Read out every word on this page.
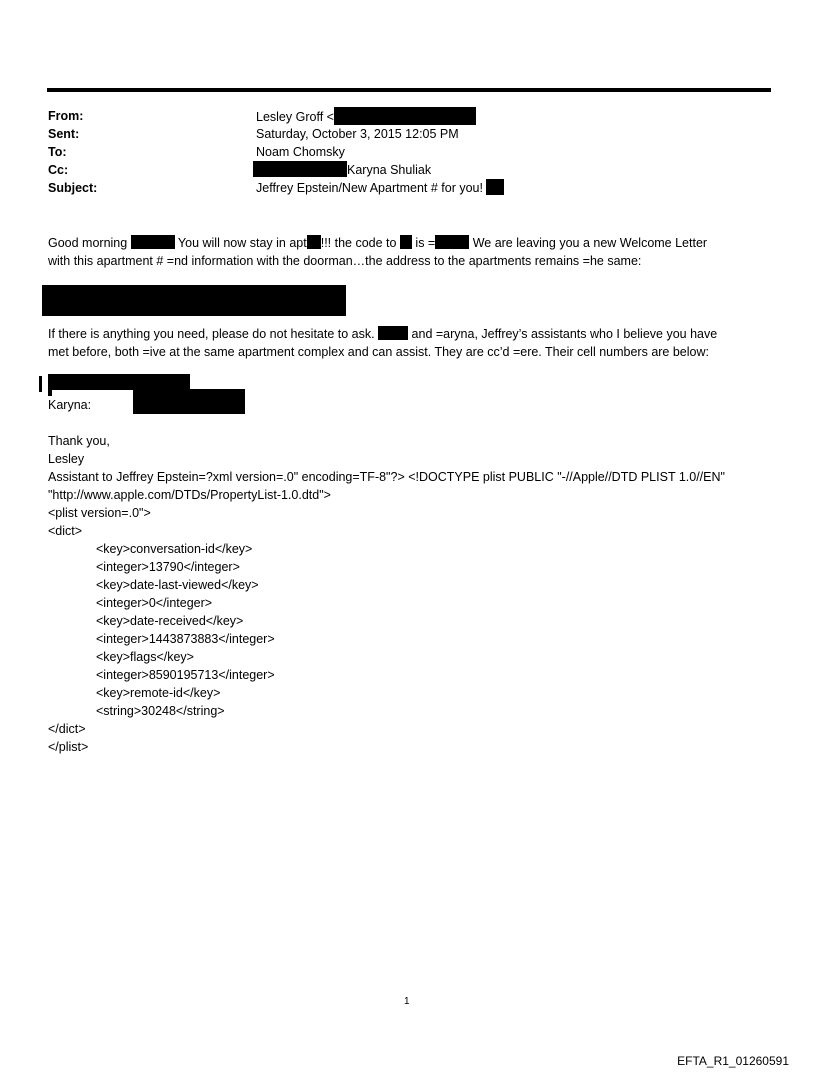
From:	Lesley Groff <
Sent:	Saturday, October 3, 2015 12:05 PM
To:	Noam Chomsky
Cc:	Karyna Shuliak
Subject:	Jeffrey Epstein/New Apartment # for you!
Good morning	You will now stay in apt !!! the code to  is =	We are leaving you a new Welcome Letter
with this apartment # =nd information with the doorman…the address to the apartments remains =he same:
If there is anything you need, please do not hesitate to ask.  and =aryna, Jeffrey’s assistants who I believe you have
met before, both =ive at the same apartment complex and can assist. They are cc’d =ere. Their cell numbers are below:
Karyna:
Thank you,
Lesley
Assistant to Jeffrey Epstein=?xml version=.0" encoding=TF-8"?> <!DOCTYPE plist PUBLIC "-//Apple//DTD PLIST 1.0//EN"
"http://www.apple.com/DTDs/PropertyList-1.0.dtd">
<plist version=.0">
<dict>
<key>conversation-id</key>
<integer>13790</integer>
<key>date-last-viewed</key>
<integer>0</integer>
<key>date-received</key>
<integer>1443873883</integer>
<key>flags</key>
<integer>8590195713</integer>
<key>remote-id</key>
<string>30248</string>
</dict>
</plist>
1
EFTA_R1_01260591
